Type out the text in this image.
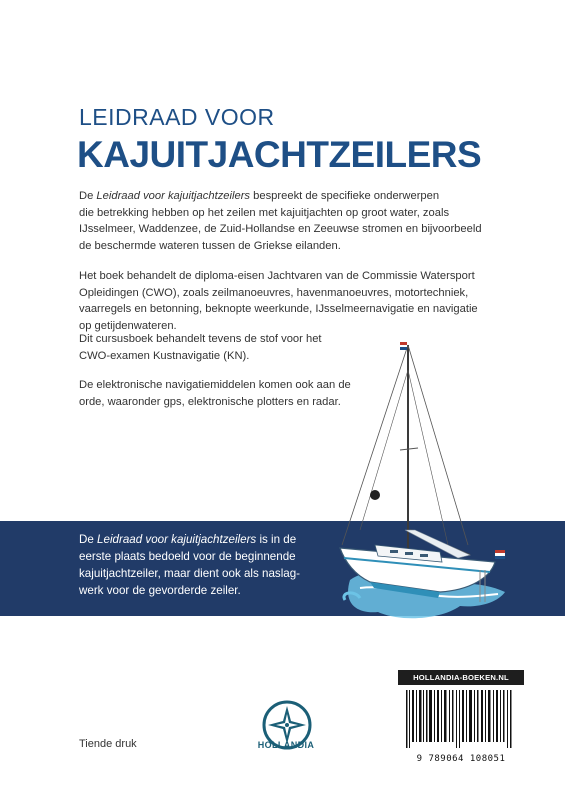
LEIDRAAD VOOR
KAJUITJACHTZEILERS

De Leidraad voor kajuitjachtzeilers bespreekt de specifieke onderwerpen

die betrekking hebben op het zeilen met kajuitjachten op groot water, zoals

IJsselmeer, Waddenzee, de Zuid-Hollandse en Zeeuwse stromen en bijvoorbeeld

de beschermde wateren tussen de Griekse eilanden.

Het boek behandelt de diploma-eisen Jachtvaren van de Commissie Watersport

Opleidingen (CWO), zoals zeilmanoeuvres, havenmanoeuvres, motortechniek,

vaarregels en betonning, beknopte weerkunde, IJsselmeernavigatie en navigatie

op getijdenwateren.

Dit cursusboek behandelt tevens de stof voor het

CWO-examen Kustnavigatie (KN).

De elektronische navigatiemiddelen komen ook aan de

orde, waaronder gps, elektronische plotters en radar.

De Leidraad voor kajuitjachtzeilers is in de
eerste plaats bedoeld voor de beginnende
kajuitjachtzeiler, maar dient ook als naslag-
werk voor de gevorderde zeiler.
HOLLANDIA-BOEKEN.NL
9 789064 108051
HOLLANDIA
Tiende druk
